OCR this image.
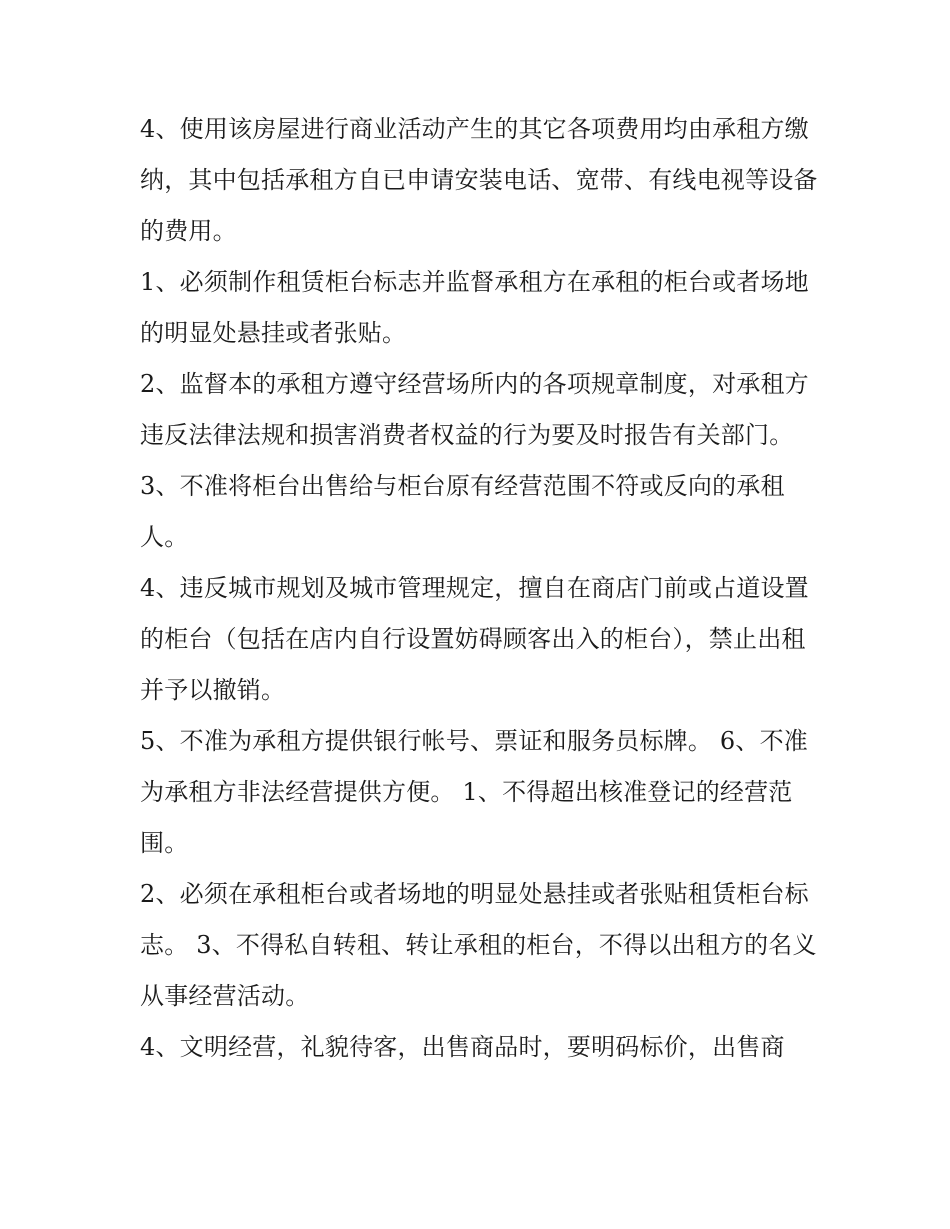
4、使用该房屋进行商业活动产生的其它各项费用均由承租方缴纳，其中包括承租方自已申请安装电话、宽带、有线电视等设备的费用。

1、必须制作租赁柜台标志并监督承租方在承租的柜台或者场地的明显处悬挂或者张贴。

2、监督本的承租方遵守经营场所内的各项规章制度，对承租方违反法律法规和损害消费者权益的行为要及时报告有关部门。

3、不准将柜台出售给与柜台原有经营范围不符或反向的承租人。

4、违反城市规划及城市管理规定，擅自在商店门前或占道设置的柜台（包括在店内自行设置妨碍顾客出入的柜台），禁止出租并予以撤销。

5、不准为承租方提供银行帐号、票证和服务员标牌。 6、不准为承租方非法经营提供方便。 1、不得超出核准登记的经营范围。

2、必须在承租柜台或者场地的明显处悬挂或者张贴租赁柜台标志。 3、不得私自转租、转让承租的柜台，不得以出租方的名义从事经营活动。

4、文明经营，礼貌待客，出售商品时，要明码标价，出售商
